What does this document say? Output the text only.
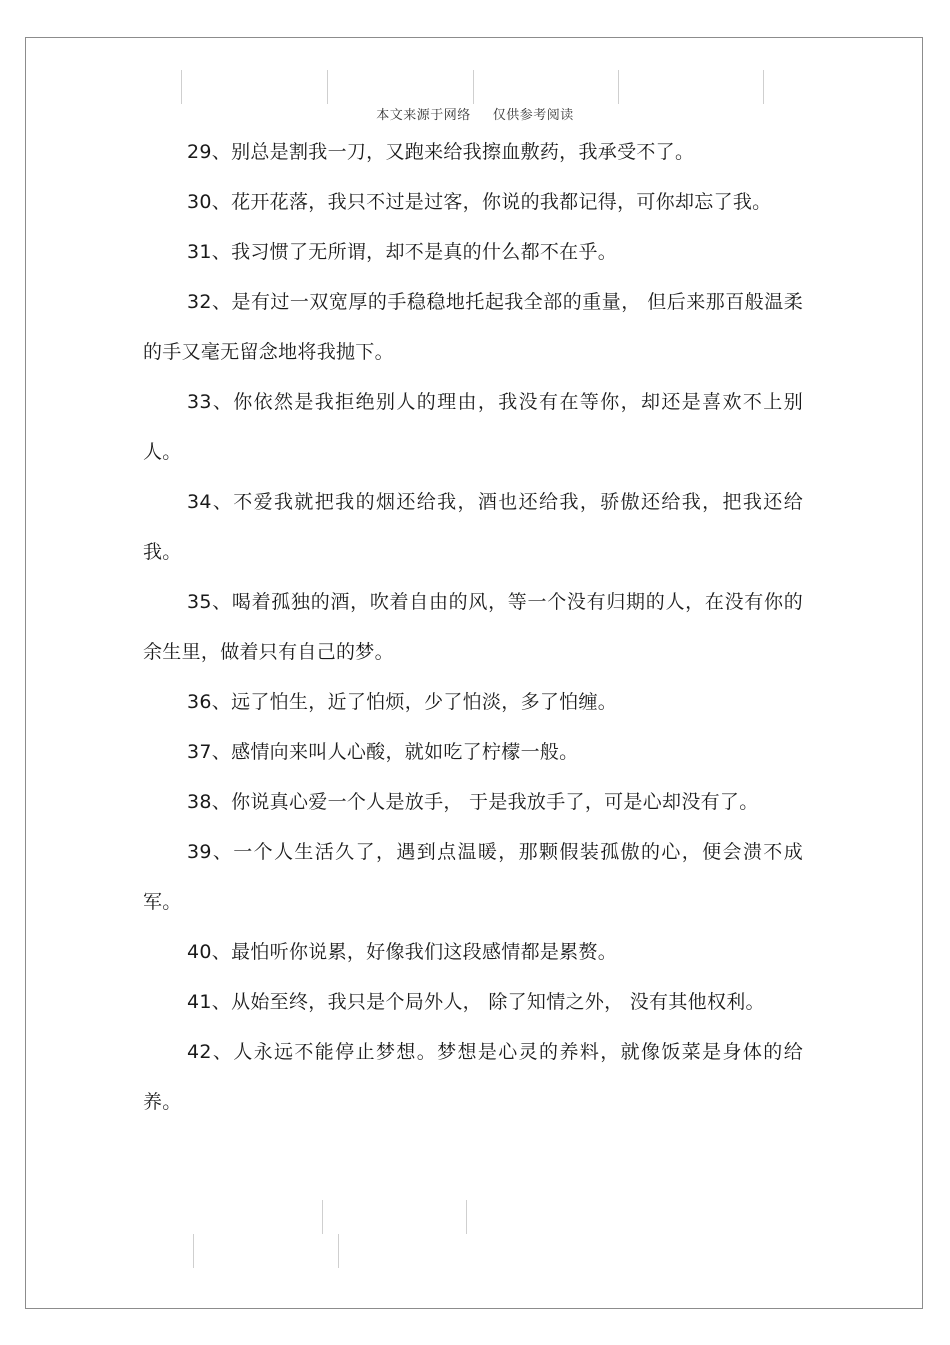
本文来源于网络 仅供参考阅读

29、别总是割我一刀，又跑来给我擦血敷药，我承受不了。

30、花开花落，我只不过是过客，你说的我都记得，可你却忘了我。

31、我习惯了无所谓，却不是真的什么都不在乎。

32、是有过一双宽厚的手稳稳地托起我全部的重量， 但后来那百般温柔的手又毫无留念地将我抛下。

33、你依然是我拒绝别人的理由，我没有在等你，却还是喜欢不上别人。

34、不爱我就把我的烟还给我，酒也还给我，骄傲还给我，把我还给我。

35、喝着孤独的酒，吹着自由的风，等一个没有归期的人，在没有你的余生里，做着只有自己的梦。

36、远了怕生，近了怕烦，少了怕淡，多了怕缠。

37、感情向来叫人心酸，就如吃了柠檬一般。

38、你说真心爱一个人是放手， 于是我放手了，可是心却没有了。

39、一个人生活久了，遇到点温暖，那颗假装孤傲的心，便会溃不成军。

40、最怕听你说累，好像我们这段感情都是累赘。

41、从始至终，我只是个局外人， 除了知情之外， 没有其他权利。

42、人永远不能停止梦想。梦想是心灵的养料，就像饭菜是身体的给养。
